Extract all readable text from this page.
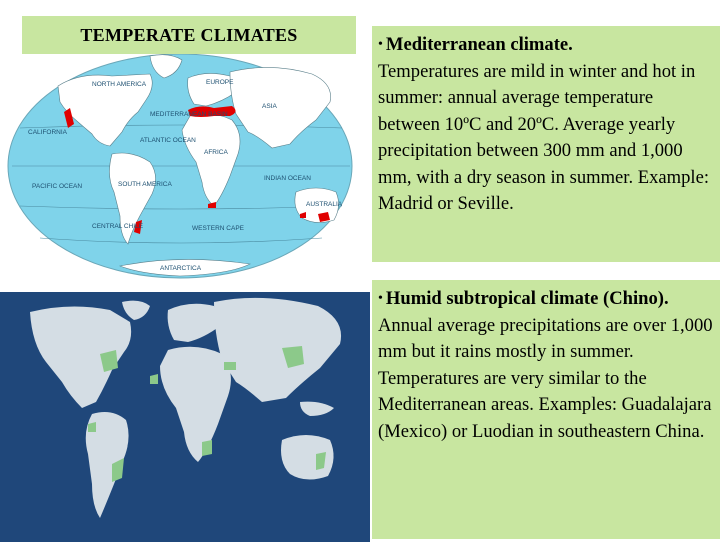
NORTH AMERICA	EUROPE
ASIA
CALIFORNIA
MEDITERRANEAN BASIN
ATLANTIC OCEAN
AFRICA
PACIFIC OCEAN	SOUTH AMERICA
INDIAN OCEAN
CENTRAL CHILE	WESTERN CAPE
AUSTRALIA
ANTARCTICA
TEMPERATE CLIMATES	• Mediterranean climate.
Temperatures are mild in winter and hot in summer: annual average temperature between 10ºC and 20ºC. Average yearly precipitation between 300 mm and 1,000 mm, with a dry season in summer. Example: Madrid or Seville.
• Humid subtropical climate (Chino). Annual average precipitations are over 1,000 mm but it rains mostly in summer. Temperatures are very similar to the Mediterranean areas. Examples: Guadalajara (Mexico) or Luodian in southeastern China.
